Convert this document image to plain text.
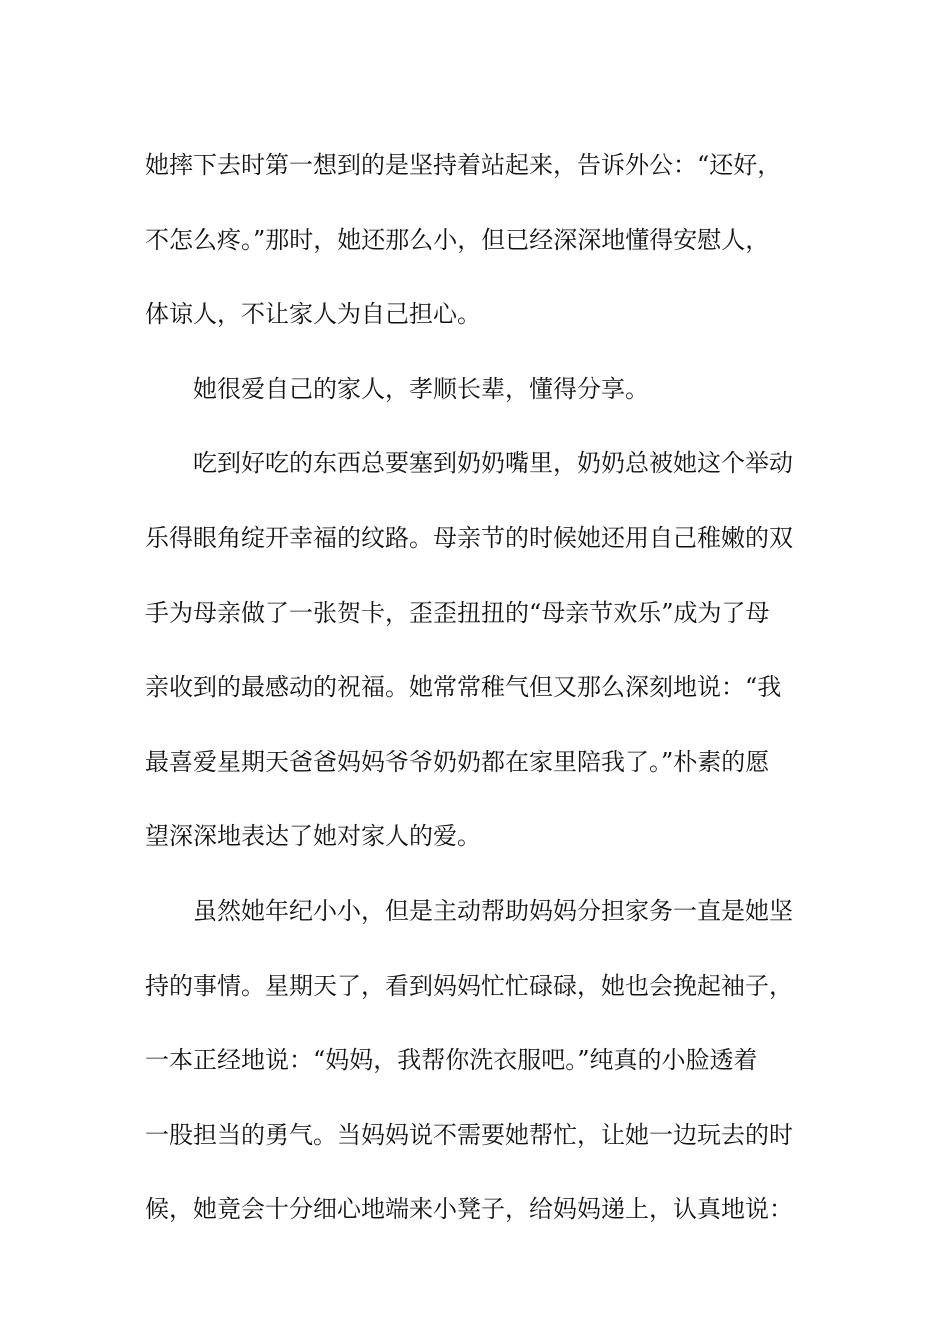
她摔下去时第一想到的是坚持着站起来，告诉外公：“还好，
不怎么疼。”那时，她还那么小，但已经深深地懂得安慰人，
体谅人，不让家人为自己担心。
她很爱自己的家人，孝顺长辈，懂得分享。
吃到好吃的东西总要塞到奶奶嘴里，奶奶总被她这个举动
乐得眼角绽开幸福的纹路。母亲节的时候她还用自己稚嫩的双
手为母亲做了一张贺卡，歪歪扭扭的“母亲节欢乐”成为了母
亲收到的最感动的祝福。她常常稚气但又那么深刻地说：“我
最喜爱星期天爸爸妈妈爷爷奶奶都在家里陪我了。”朴素的愿
望深深地表达了她对家人的爱。
虽然她年纪小小，但是主动帮助妈妈分担家务一直是她坚
持的事情。星期天了，看到妈妈忙忙碌碌，她也会挽起袖子，
一本正经地说：“妈妈，我帮你洗衣服吧。”纯真的小脸透着
一股担当的勇气。当妈妈说不需要她帮忙，让她一边玩去的时
候，她竟会十分细心地端来小凳子，给妈妈递上，认真地说：
